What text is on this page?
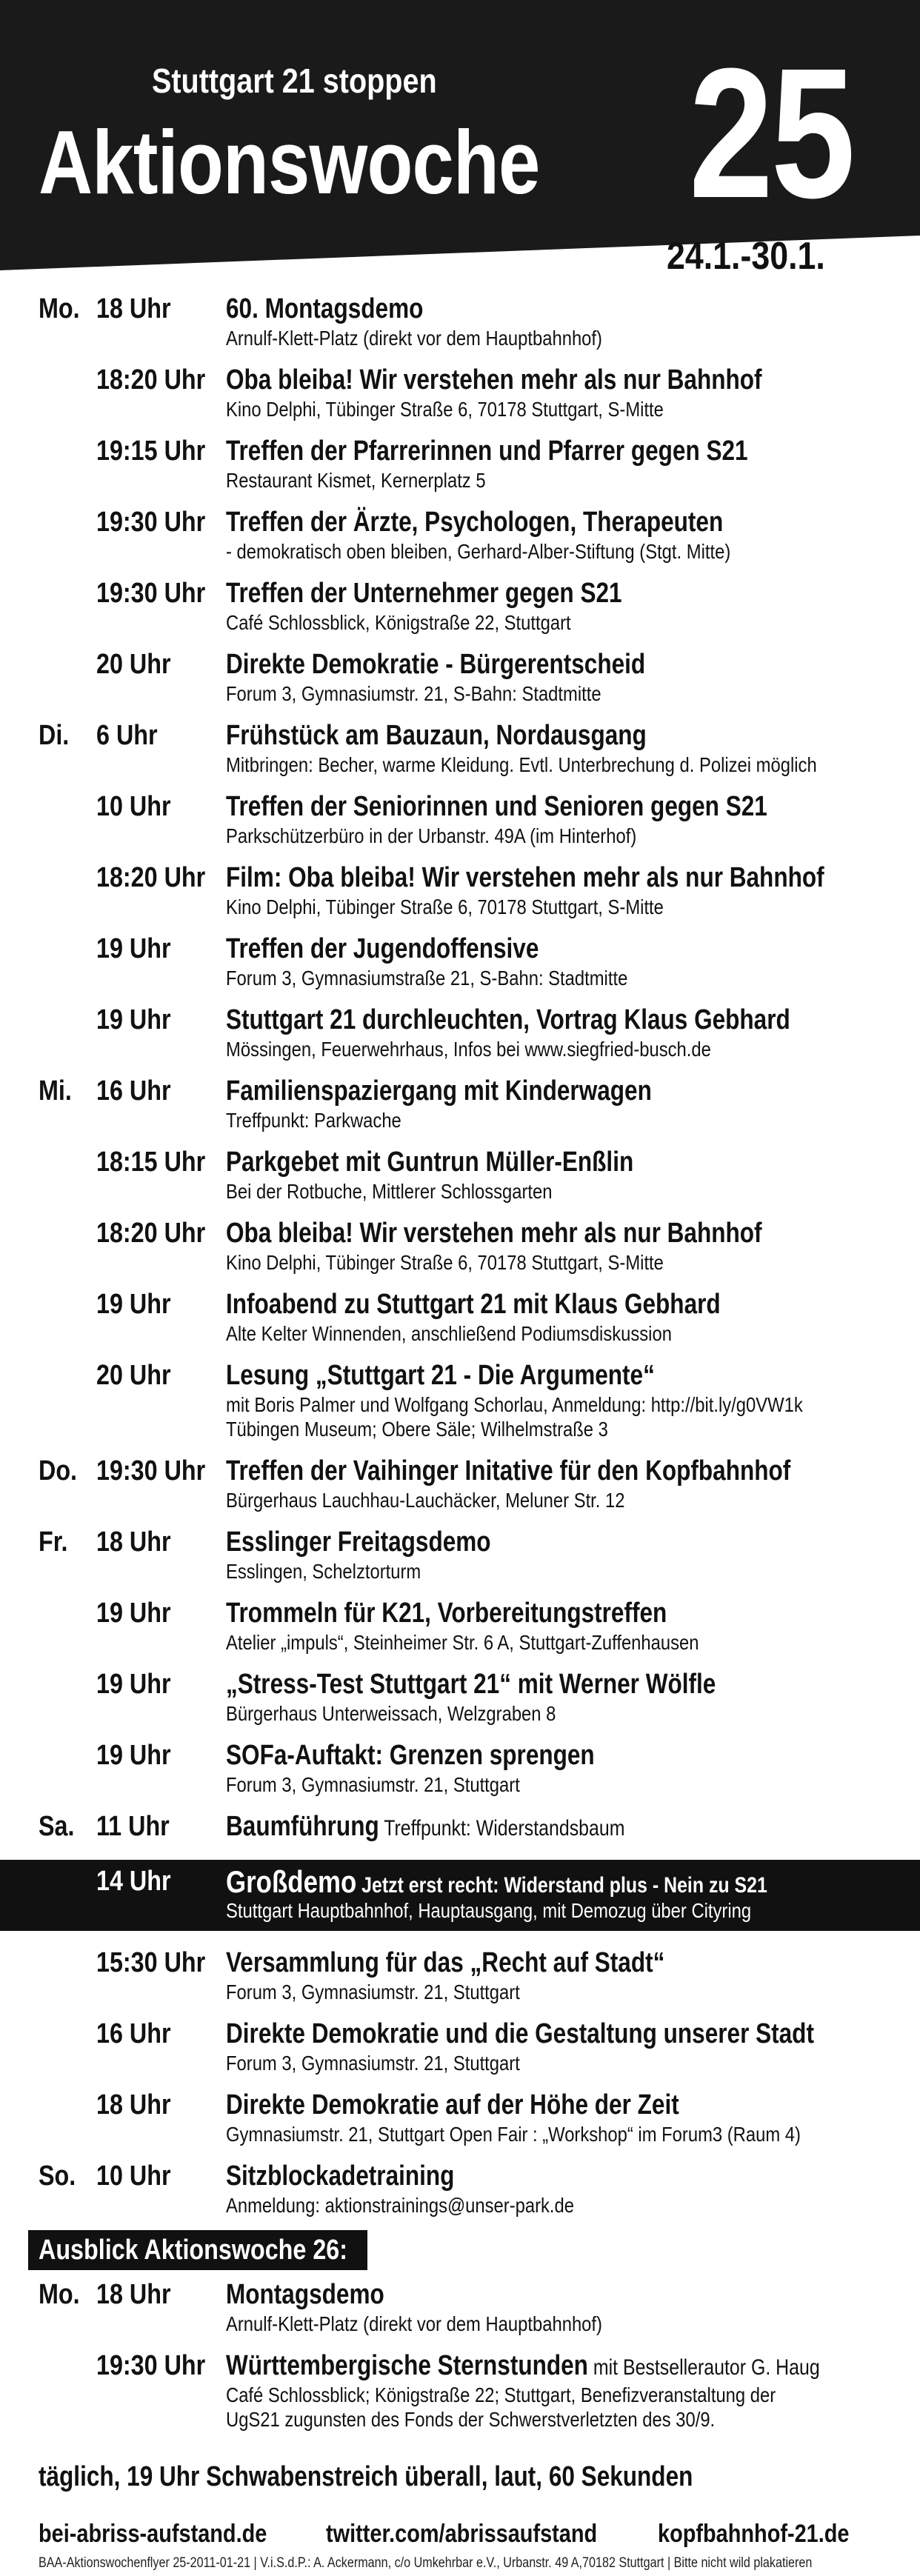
Stuttgart 21 stoppen
Aktionswoche 25
24.1.-30.1.
Mo. 18 Uhr 60. Montagsdemo
Arnulf-Klett-Platz (direkt vor dem Hauptbahnhof)
18:20 Uhr Oba bleiba! Wir verstehen mehr als nur Bahnhof
Kino Delphi, Tübinger Straße 6, 70178 Stuttgart, S-Mitte
19:15 Uhr Treffen der Pfarrerinnen und Pfarrer gegen S21
Restaurant Kismet, Kernerplatz 5
19:30 Uhr Treffen der Ärzte, Psychologen, Therapeuten
- demokratisch oben bleiben, Gerhard-Alber-Stiftung (Stgt. Mitte)
19:30 Uhr Treffen der Unternehmer gegen S21
Café Schlossblick, Königstraße 22, Stuttgart
20 Uhr Direkte Demokratie - Bürgerentscheid
Forum 3, Gymnasiumstr. 21, S-Bahn: Stadtmitte
Di. 6 Uhr Frühstück am Bauzaun, Nordausgang
Mitbringen: Becher, warme Kleidung. Evtl. Unterbrechung d. Polizei möglich
10 Uhr Treffen der Seniorinnen und Senioren gegen S21
Parkschützerbüro in der Urbanstr. 49A (im Hinterhof)
18:20 Uhr Film: Oba bleiba! Wir verstehen mehr als nur Bahnhof
Kino Delphi, Tübinger Straße 6, 70178 Stuttgart, S-Mitte
19 Uhr Treffen der Jugendoffensive
Forum 3, Gymnasiumstraße 21, S-Bahn: Stadtmitte
19 Uhr Stuttgart 21 durchleuchten, Vortrag Klaus Gebhard
Mössingen, Feuerwehrhaus, Infos bei www.siegfried-busch.de
Mi. 16 Uhr Familienspaziergang mit Kinderwagen
Treffpunkt: Parkwache
18:15 Uhr Parkgebet mit Guntrun Müller-Enßlin
Bei der Rotbuche, Mittlerer Schlossgarten
18:20 Uhr Oba bleiba! Wir verstehen mehr als nur Bahnhof
Kino Delphi, Tübinger Straße 6, 70178 Stuttgart, S-Mitte
19 Uhr Infoabend zu Stuttgart 21 mit Klaus Gebhard
Alte Kelter Winnenden, anschließend Podiumsdiskussion
20 Uhr Lesung „Stuttgart 21 - Die Argumente“
mit Boris Palmer und Wolfgang Schorlau, Anmeldung: http://bit.ly/g0VW1k
Tübingen Museum; Obere Säle; Wilhelmstraße 3
Do. 19:30 Uhr Treffen der Vaihinger Initative für den Kopfbahnhof
Bürgerhaus Lauchhau-Lauchäcker, Meluner Str. 12
Fr. 18 Uhr Esslinger Freitagsdemo
Esslingen, Schelztorturm
19 Uhr Trommeln für K21, Vorbereitungstreffen
Atelier „impuls“, Steinheimer Str. 6 A, Stuttgart-Zuffenhausen
19 Uhr „Stress-Test Stuttgart 21“ mit Werner Wölfle
Bürgerhaus Unterweissach, Welzgraben 8
19 Uhr SOFa-Auftakt: Grenzen sprengen
Forum 3, Gymnasiumstr. 21, Stuttgart
Sa. 11 Uhr Baumführung Treffpunkt: Widerstandsbaum
14 Uhr Großdemo Jetzt erst recht: Widerstand plus - Nein zu S21
Stuttgart Hauptbahnhof, Hauptausgang, mit Demozug über Cityring
15:30 Uhr Versammlung für das „Recht auf Stadt“
Forum 3, Gymnasiumstr. 21, Stuttgart
16 Uhr Direkte Demokratie und die Gestaltung unserer Stadt
Forum 3, Gymnasiumstr. 21, Stuttgart
18 Uhr Direkte Demokratie auf der Höhe der Zeit
Gymnasiumstr. 21, Stuttgart Open Fair : „Workshop“ im Forum3 (Raum 4)
So. 10 Uhr Sitzblockadetraining
Anmeldung: aktionstrainings@unser-park.de
Ausblick Aktionswoche 26:
Mo. 18 Uhr Montagsdemo
Arnulf-Klett-Platz (direkt vor dem Hauptbahnhof)
19:30 Uhr Württembergische Sternstunden mit Bestsellerautor G. Haug
Café Schlossblick; Königstraße 22; Stuttgart, Benefizveranstaltung der
UgS21 zugunsten des Fonds der Schwerstverletzten des 30/9.
täglich, 19 Uhr Schwabenstreich überall, laut, 60 Sekunden
bei-abriss-aufstand.de twitter.com/abrissaufstand kopfbahnhof-21.de
BAA-Aktionswochenflyer 25-2011-01-21 | V.i.S.d.P.: A. Ackermann, c/o Umkehrbar e.V., Urbanstr. 49 A,70182 Stuttgart | Bitte nicht wild plakatieren
